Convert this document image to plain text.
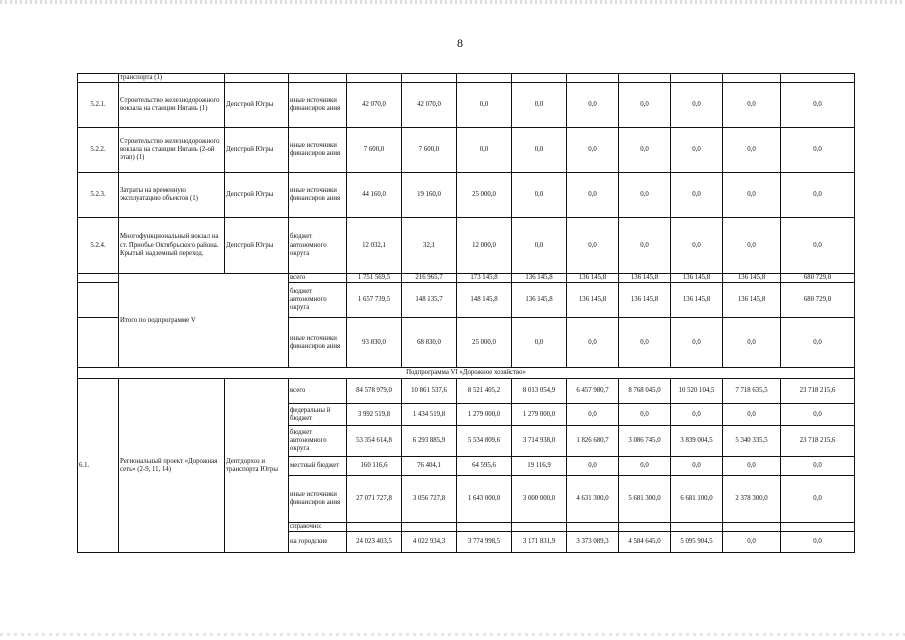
8
	транспорта (1)											
5.2.1.	Строительство железнодорожного вокзала на станции Нягань (1)	Депстрой Югры	иные источники финансиров ания	42 070,0	42 070,0	0,0	0,0	0,0	0,0	0,0	0,0	0,0
5.2.2.	Строительство железнодорожного вокзала на станции Нягань (2-ой этап) (1)	Депстрой Югры	иные источники финансиров ания	7 600,0	7 600,0	0,0	0,0	0,0	0,0	0,0	0,0	0,0
5.2.3.	Затраты на временную эксплуатацию объектов (1)	Депстрой Югры	иные источники финансиров ания	44 160,0	19 160,0	25 000,0	0,0	0,0	0,0	0,0	0,0	0,0
5.2.4.	Многофункциональный вокзал на ст. Приобье Октябрьского района. Крытый надземный переход.	Депстрой Югры	бюджет автономного округа	12 032,1	32,1	12 000,0	0,0	0,0	0,0	0,0	0,0	0,0
	Итого по подпрограмме V		всего	1 751 569,5	216 965,7	173 145,8	136 145,8	136 145,8	136 145,8	136 145,8	136 145,8	680 729,0
			бюджет автономного округа	1 657 739,5	148 135,7	148 145,8	136 145,8	136 145,8	136 145,8	136 145,8	136 145,8	680 729,0
			иные источники финансиров ания	93 830,0	68 830,0	25 000,0	0,0	0,0	0,0	0,0	0,0	0,0
Подпрограмма VI «Дорожное хозяйство»												
6.1.	Региональный проект «Дорожная сеть» (2-9, 11, 14)	Дептдорхоз и транспорта Югры	всего	84 578 979,0	10 861 537,6	8 521 405,2	8 013 054,9	6 457 980,7	8 768 045,0	10 520 104,5	7 718 635,5	23 718 215,6
			федеральны й бюджет	3 992 519,8	1 434 519,8	1 279 000,0	1 279 000,0	0,0	0,0	0,0	0,0	0,0
			бюджет автономного округа	53 354 614,8	6 293 885,9	5 534 809,6	3 714 938,0	1 826 680,7	3 086 745,0	3 839 004,5	5 340 335,5	23 718 215,6
			местный бюджет	160 116,6	76 404,1	64 595,6	19 116,9	0,0	0,0	0,0	0,0	0,0
			иные источники финансиров ания	27 071 727,8	3 056 727,8	1 643 000,0	3 000 000,0	4 631 300,0	5 681 300,0	6 681 100,0	2 378 300,0	0,0
			справочно:									
			на городские	24 023 403,5	4 022 934,3	3 774 998,5	3 171 831,9	3 373 089,3	4 584 645,0	5 095 904,5	0,0	0,0
